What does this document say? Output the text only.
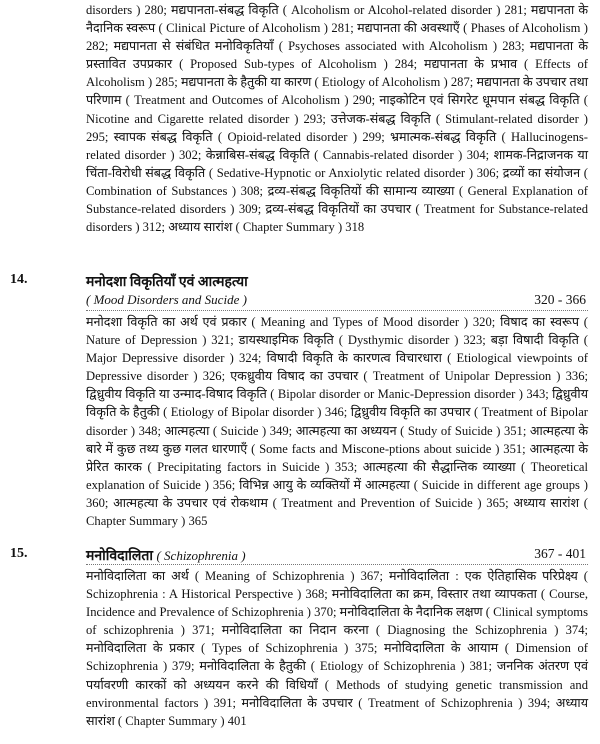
disorders ) 280; मद्यपानता-संबद्ध विकृति ( Alcoholism or Alcohol-related disorder ) 281; मद्यपानता के नैदानिक स्वरूप ( Clinical Picture of Alcoholism ) 281; मद्यपानता की अवस्थाएँ ( Phases of Alcoholism ) 282; मद्यपानता से संबंधित मनोविकृतियाँ ( Psychoses associated with Alcoholism ) 283; मद्यपानता के प्रस्तावित उपप्रकार ( Proposed Sub-types of Alcoholism ) 284; मद्यपानता के प्रभाव ( Effects of Alcoholism ) 285; मद्यपानता के हैतुकी या कारण ( Etiology of Alcoholism ) 287; मद्यपानता के उपचार तथा परिणाम ( Treatment and Outcomes of Alcoholism ) 290; नाइकोटिन एवं सिगरेट धूमपान संबद्ध विकृति ( Nicotine and Cigarette related disorder ) 293; उत्तेजक-संबद्ध विकृति ( Stimulant-related disorder ) 295; स्वापक संबद्ध विकृति ( Opioid-related disorder ) 299; भ्रमात्मक-संबद्ध विकृति ( Hallucinogens-related disorder ) 302; केन्नाबिस-संबद्ध विकृति ( Cannabis-related disorder ) 304; शामक-निद्राजनक या चिंता-विरोधी संबद्ध विकृति ( Sedative-Hypnotic or Anxiolytic related disorder ) 306; द्रव्यों का संयोजन ( Combination of Substances ) 308; द्रव्य-संबद्ध विकृतियों की सामान्य व्याख्या ( General Explanation of Substance-related disorders ) 309; द्रव्य-संबद्ध विकृतियों का उपचार ( Treatment for Substance-related disorders ) 312; अध्याय सारांश ( Chapter Summary ) 318
14.	मनोदशा विकृतियाँ एवं आत्महत्या
( Mood Disorders and Sucide )	320 - 366
मनोदशा विकृति का अर्थ एवं प्रकार ( Meaning and Types of Mood disorder ) 320; विषाद का स्वरूप ( Nature of Depression ) 321; डायस्थाइमिक विकृति ( Dysthymic disorder ) 323; बड़ा विषादी विकृति ( Major Depressive disorder ) 324; विषादी विकृति के कारणत्व विचारधारा ( Etiological viewpoints of Depressive disorder ) 326; एकध्रुवीय विषाद का उपचार ( Treatment of Unipolar Depression ) 336; द्विध्रुवीय विकृति या उन्माद-विषाद विकृति ( Bipolar disorder or Manic-Depression disorder ) 343; द्विध्रुवीय विकृति के हैतुकी ( Etiology of Bipolar disorder ) 346; द्विध्रुवीय विकृति का उपचार ( Treatment of Bipolar disorder ) 348; आत्महत्या ( Suicide ) 349; आत्महत्या का अध्ययन ( Study of Suicide ) 351; आत्महत्या के बारे में कुछ तथ्य कुछ गलत धारणाएँ ( Some facts and Miscone-ptions about suicide ) 351; आत्महत्या के प्रेरित कारक ( Precipitating factors in Suicide ) 353; आत्महत्या की सैद्धान्तिक व्याख्या ( Theoretical explanation of Suicide ) 356; विभिन्न आयु के व्यक्तियों में आत्महत्या ( Suicide in different age groups ) 360; आत्महत्या के उपचार एवं रोकथाम ( Treatment and Prevention of Suicide ) 365; अध्याय सारांश ( Chapter Summary ) 365
15.	मनोविदालिता ( Schizophrenia )	367 - 401
मनोविदालिता का अर्थ ( Meaning of Schizophrenia ) 367; मनोविदालिता : एक ऐतिहासिक परिप्रेक्ष्य ( Schizophrenia : A Historical Perspective ) 368; मनोविदालिता का क्रम, विस्तार तथा व्यापकता ( Course, Incidence and Prevalence of Schizophrenia ) 370; मनोविदालिता के नैदानिक लक्षण ( Clinical symptoms of schizophrenia ) 371; मनोविदालिता का निदान करना ( Diagnosing the Schizophrenia ) 374; मनोविदालिता के प्रकार ( Types of Schizophrenia ) 375; मनोविदालिता के आयाम ( Dimension of Schizophrenia ) 379; मनोविदालिता के हैतुकी ( Etiology of Schizophrenia ) 381; जननिक अंतरण एवं पर्यावरणी कारकों को अध्ययन करने की विधियाँ ( Methods of studying genetic transmission and environmental factors ) 391; मनोविदालिता के उपचार ( Treatment of Schizophrenia ) 394; अध्याय सारांश ( Chapter Summary ) 401
